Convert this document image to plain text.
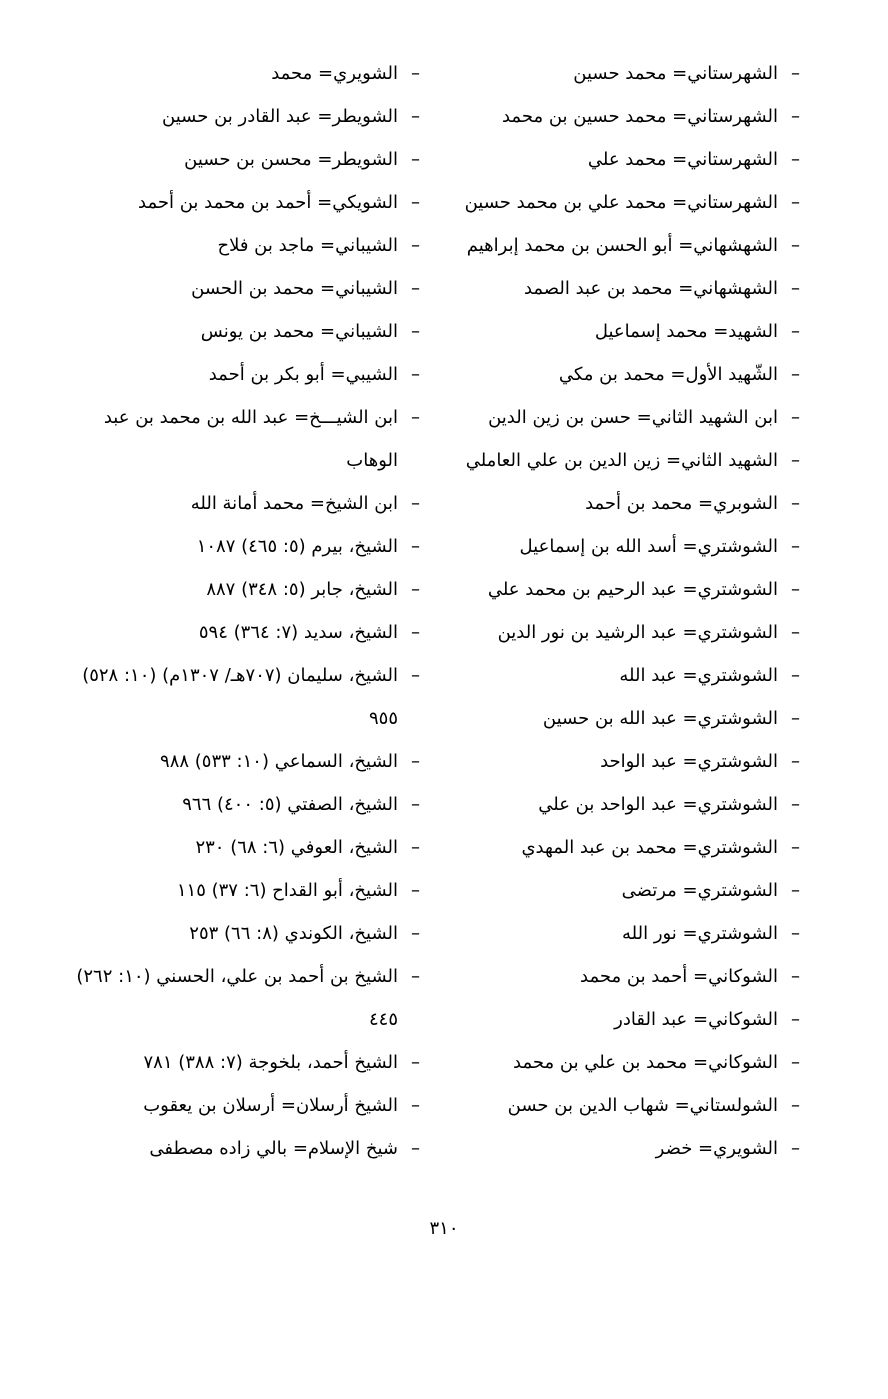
– الشهرستاني= محمد حسين
– الشهرستاني= محمد حسين بن محمد
– الشهرستاني= محمد علي
– الشهرستاني= محمد علي بن محمد حسين
– الشهشهاني= أبو الحسن بن محمد إبراهيم
– الشهشهاني= محمد بن عبد الصمد
– الشهيد= محمد إسماعيل
– الشّهيد الأول= محمد بن مكي
– ابن الشهيد الثاني= حسن بن زين الدين
– الشهيد الثاني= زين الدين بن علي العاملي
– الشوبري= محمد بن أحمد
– الشوشتري= أسد الله بن إسماعيل
– الشوشتري= عبد الرحيم بن محمد علي
– الشوشتري= عبد الرشيد بن نور الدين
– الشوشتري= عبد الله
– الشوشتري= عبد الله بن حسين
– الشوشتري= عبد الواحد
– الشوشتري= عبد الواحد بن علي
– الشوشتري= محمد بن عبد المهدي
– الشوشتري= مرتضى
– الشوشتري= نور الله
– الشوكاني= أحمد بن محمد
– الشوكاني= عبد القادر
– الشوكاني= محمد بن علي بن محمد
– الشولستاني= شهاب الدين بن حسن
– الشويري= خضر
– الشويري= محمد
– الشويطر= عبد القادر بن حسين
– الشويطر= محسن بن حسين
– الشويكي= أحمد بن محمد بن أحمد
– الشيباني= ماجد بن فلاح
– الشيباني= محمد بن الحسن
– الشيباني= محمد بن يونس
– الشيبي= أبو بكر بن أحمد
– ابن الشيـــخ= عبد الله بن محمد بن عبد الوهاب
– ابن الشيخ= محمد أمانة الله
– الشيخ، بيرم (٥: ٤٦٥) ١٠٨٧
– الشيخ، جابر (٥: ٣٤٨) ٨٨٧
– الشيخ، سديد (٧: ٣٦٤) ٥٩٤
– الشيخ، سليمان (٧٠٧هـ/ ١٣٠٧م) (١٠: ٥٢٨) ٩٥٥
– الشيخ، السماعي (١٠: ٥٣٣) ٩٨٨
– الشيخ، الصفتي (٥: ٤٠٠) ٩٦٦
– الشيخ، العوفي (٦: ٦٨) ٢٣٠
– الشيخ، أبو القداح (٦: ٣٧) ١١٥
– الشيخ، الكوندي (٨: ٦٦) ٢٥٣
– الشيخ بن أحمد بن علي، الحسني (١٠: ٢٦٢) ٤٤٥
– الشيخ أحمد، بلخوجة (٧: ٣٨٨) ٧٨١
– الشيخ أرسلان= أرسلان بن يعقوب
– شيخ الإسلام= بالي زاده مصطفى
٣١٠
